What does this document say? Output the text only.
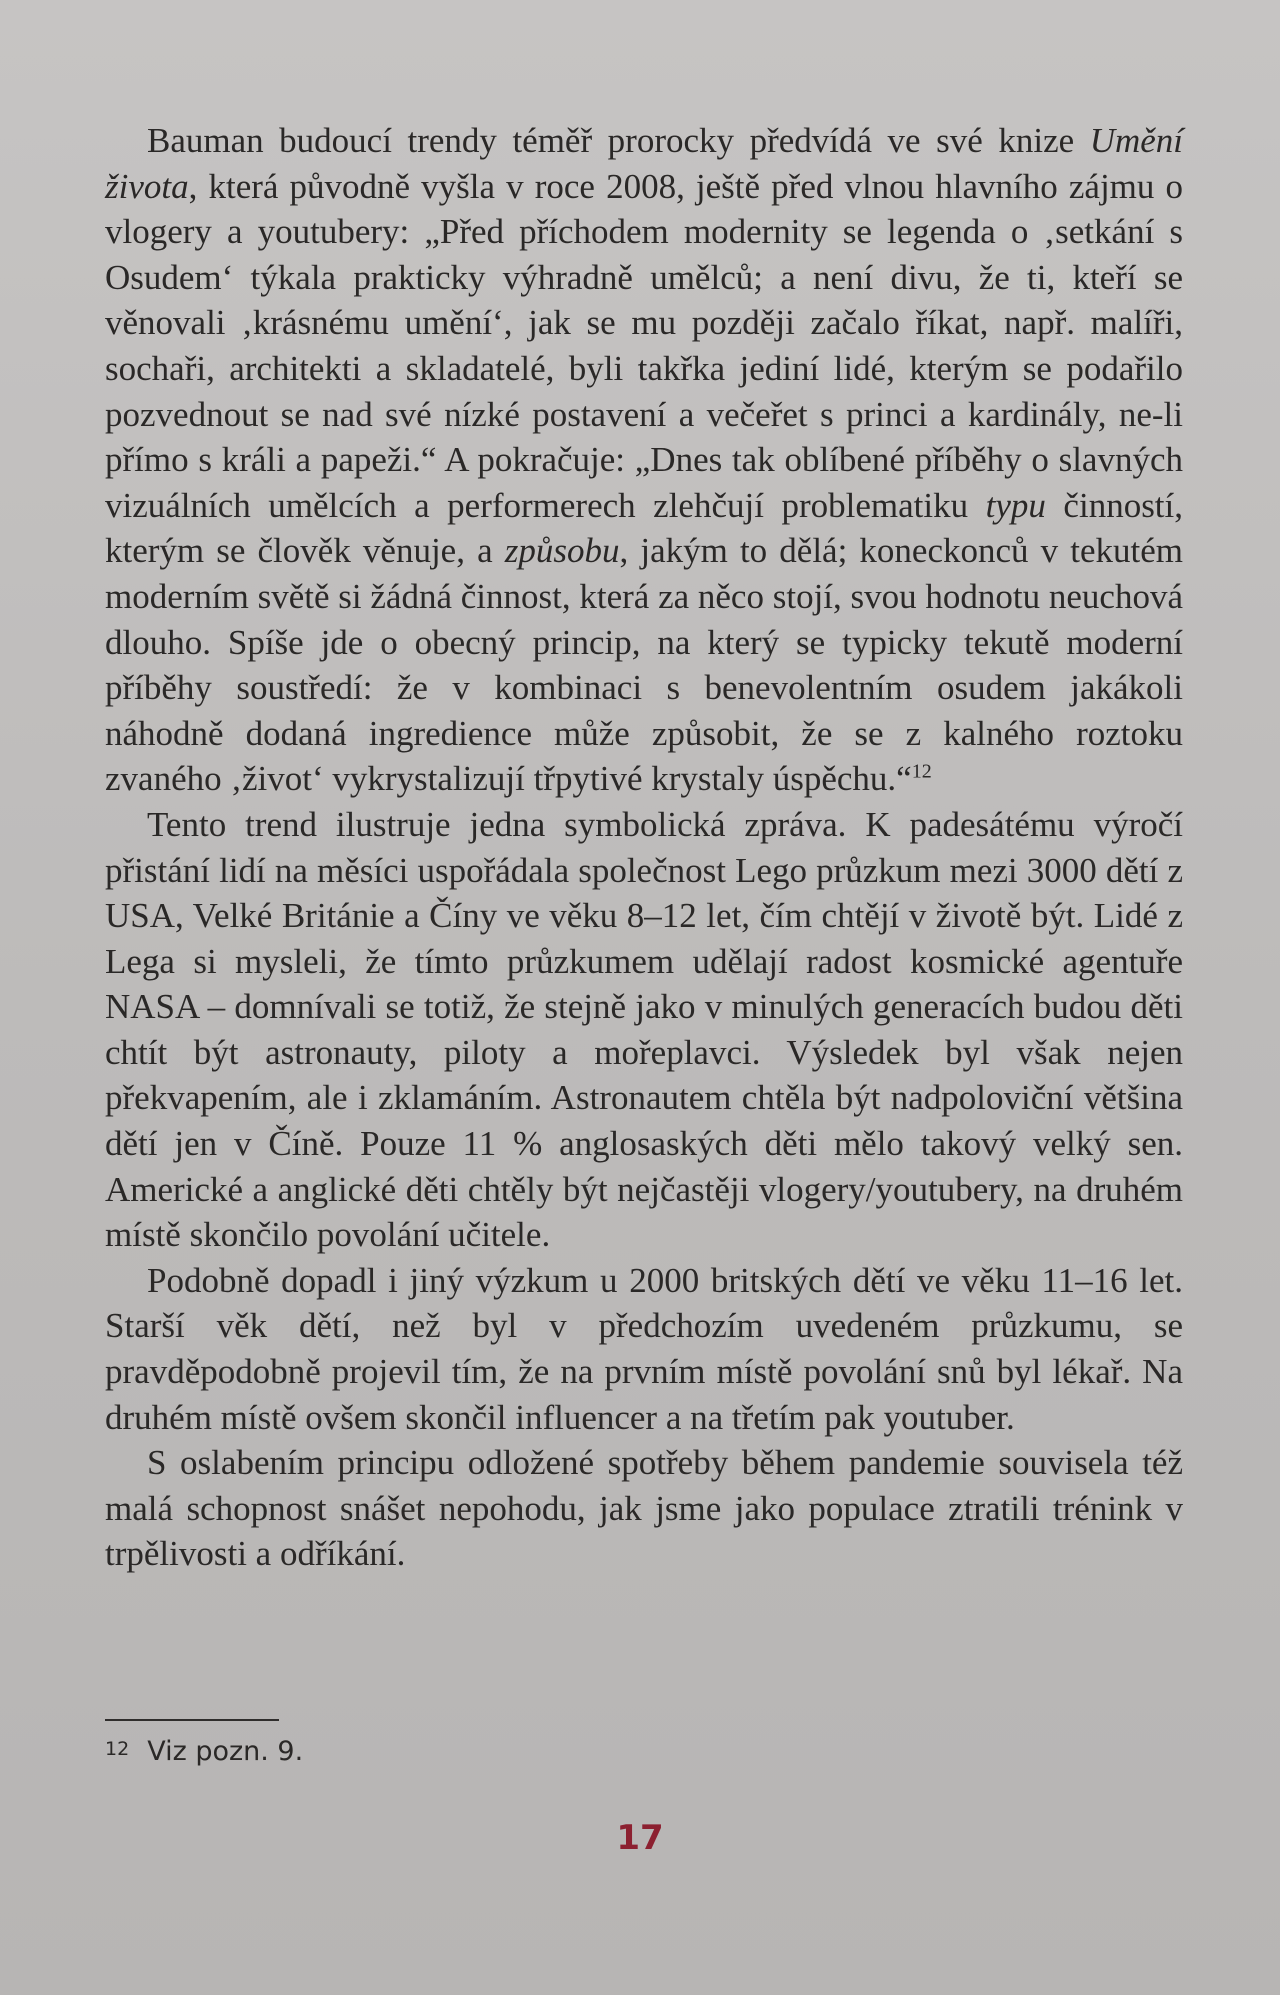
Bauman budoucí trendy téměř prorocky předvídá ve své knize Umění života, která původně vyšla v roce 2008, ještě před vlnou hlavního zájmu o vlogery a youtubery: „Před příchodem modernity se legenda o ‚setkání s Osudem‘ týkala prakticky výhradně umělců; a není divu, že ti, kteří se věnovali ‚krásnému umění‘, jak se mu později začalo říkat, např. malíři, sochaři, architekti a skladatelé, byli takřka jediní lidé, kterým se podařilo pozvednout se nad své nízké postavení a večeřet s princi a kardinály, ne-li přímo s králi a papeži.“ A pokračuje: „Dnes tak oblíbené příběhy o slavných vizuálních umělcích a performerech zlehčují problematiku typu činností, kterým se člověk věnuje, a způsobu, jakým to dělá; koneckonců v tekutém moderním světě si žádná činnost, která za něco stojí, svou hodnotu neuchová dlouho. Spíše jde o obecný princip, na který se typicky tekutě moderní příběhy soustředí: že v kombinaci s benevolentním osudem jakákoli náhodně dodaná ingredience může způsobit, že se z kalného roztoku zvaného ‚život‘ vykrystalizují třpytivé krystaly úspěchu.“$^{12}$

Tento trend ilustruje jedna symbolická zpráva. K padesátému výročí přistání lidí na měsíci uspořádala společnost Lego průzkum mezi 3000 dětí z USA, Velké Británie a Číny ve věku 8–12 let, čím chtějí v životě být. Lidé z Lega si mysleli, že tímto průzkumem udělají radost kosmické agentuře NASA – domnívali se totiž, že stejně jako v minulých generacích budou děti chtít být astronauty, piloty a mořeplavci. Výsledek byl však nejen překvapením, ale i zklamáním. Astronautem chtěla být nadpoloviční většina dětí jen v Číně. Pouze 11 % anglosaských děti mělo takový velký sen. Americké a anglické děti chtěly být nejčastěji vlogery/youtubery, na druhém místě skončilo povolání učitele.

Podobně dopadl i jiný výzkum u 2000 britských dětí ve věku 11–16 let. Starší věk dětí, než byl v předchozím uvedeném průzkumu, se pravděpodobně projevil tím, že na prvním místě povolání snů byl lékař. Na druhém místě ovšem skončil influencer a na třetím pak youtuber.

S oslabením principu odložené spotřeby během pandemie souvisela též malá schopnost snášet nepohodu, jak jsme jako populace ztratili trénink v trpělivosti a odříkání.

$^{12}$ Viz pozn. 9.
17
